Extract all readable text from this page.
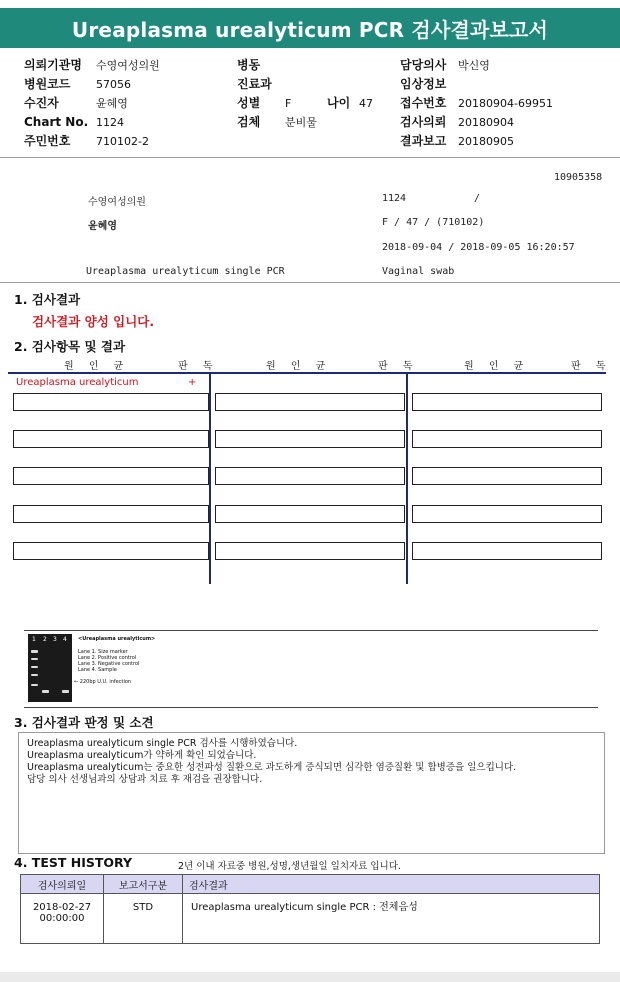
Ureaplasma urealyticum PCR 검사결과보고서
의뢰기관명 수영여성의원
병원코드 57056
수진자	윤혜영
Chart No. 1124
주민번호 710102-2
병동
진료과
성별 F	나이 47
검체 분비물
담당의사 박신영
임상정보
접수번호 20180904-69951
검사의뢰 20180904
결과보고 20180905
10905358
수영여성의원	1124	/
윤혜영	F / 47 / (710102)
2018-09-04 / 2018-09-05 16:20:57
Ureaplasma urealyticum single PCR	Vaginal swab
1. 검사결과
검사결과 양성 입니다.
2. 검사항목 및 결과
원 인 균	판 독	원 인 균	판 독	원 인 균	판 독
Ureaplasma urealyticum	+
1 2 3 4 <Ureaplasma urealyticum>
Lane 1. Size marker
Lane 2. Positive control
Lane 3. Negative control
Lane 4. Sample
← 220bp U.U. infection
3. 검사결과 판정 및 소견
Ureaplasma urealyticum single PCR 검사를 시행하였습니다.
Ureaplasma urealyticum가 약하게 확인 되었습니다.
Ureaplasma urealyticum는 중요한 성전파성 질환으로 과도하게 증식되면 심각한 염증질환 및 합병증을 일으킵니다.
담당 의사 선생님과의 상담과 치료 후 재검을 권장합니다.
4. TEST HISTORY	2년 이내 자료중 병원,성명,생년월일 일치자료 입니다.
검사의뢰일	보고서구분	검사결과

2018-02-27
00:00:00	STD	Ureaplasma urealyticum single PCR : 전체음성
